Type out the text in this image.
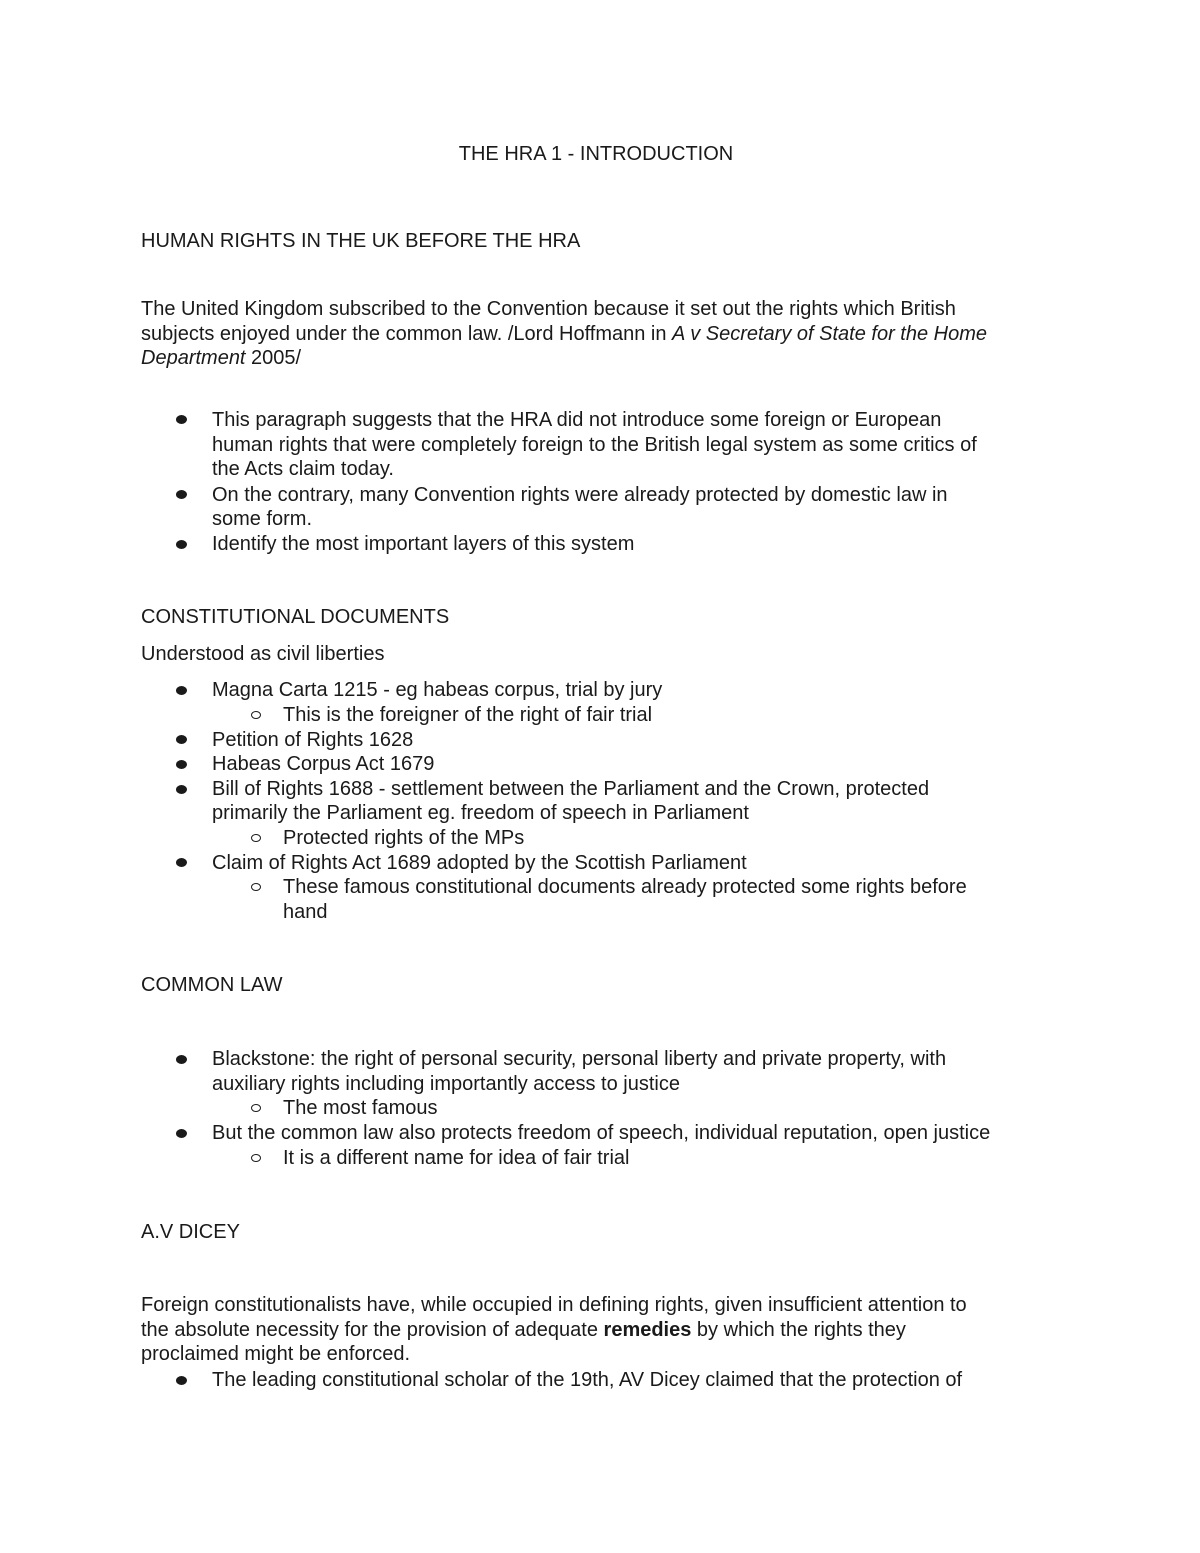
THE HRA 1 - INTRODUCTION
HUMAN RIGHTS IN THE UK BEFORE THE HRA
The United Kingdom subscribed to the Convention because it set out the rights which British
subjects enjoyed under the common law. /Lord Hoffmann in A v Secretary of State for the Home
Department 2005/
This paragraph suggests that the HRA did not introduce some foreign or European
human rights that were completely foreign to the British legal system as some critics of
the Acts claim today.
On the contrary, many Convention rights were already protected by domestic law in
some form.
Identify the most important layers of this system
CONSTITUTIONAL DOCUMENTS
Understood as civil liberties
Magna Carta 1215 - eg habeas corpus, trial by jury
This is the foreigner of the right of fair trial
Petition of Rights 1628
Habeas Corpus Act 1679
Bill of Rights 1688 - settlement between the Parliament and the Crown, protected
primarily the Parliament eg. freedom of speech in Parliament
Protected rights of the MPs
Claim of Rights Act 1689 adopted by the Scottish Parliament
These famous constitutional documents already protected some rights before
hand
COMMON LAW
Blackstone: the right of personal security, personal liberty and private property, with
auxiliary rights including importantly access to justice
The most famous
But the common law also protects freedom of speech, individual reputation, open justice
It is a different name for idea of fair trial
A.V DICEY
Foreign constitutionalists have, while occupied in defining rights, given insufficient attention to
the absolute necessity for the provision of adequate remedies by which the rights they
proclaimed might be enforced.
The leading constitutional scholar of the 19th, AV Dicey claimed that the protection of
